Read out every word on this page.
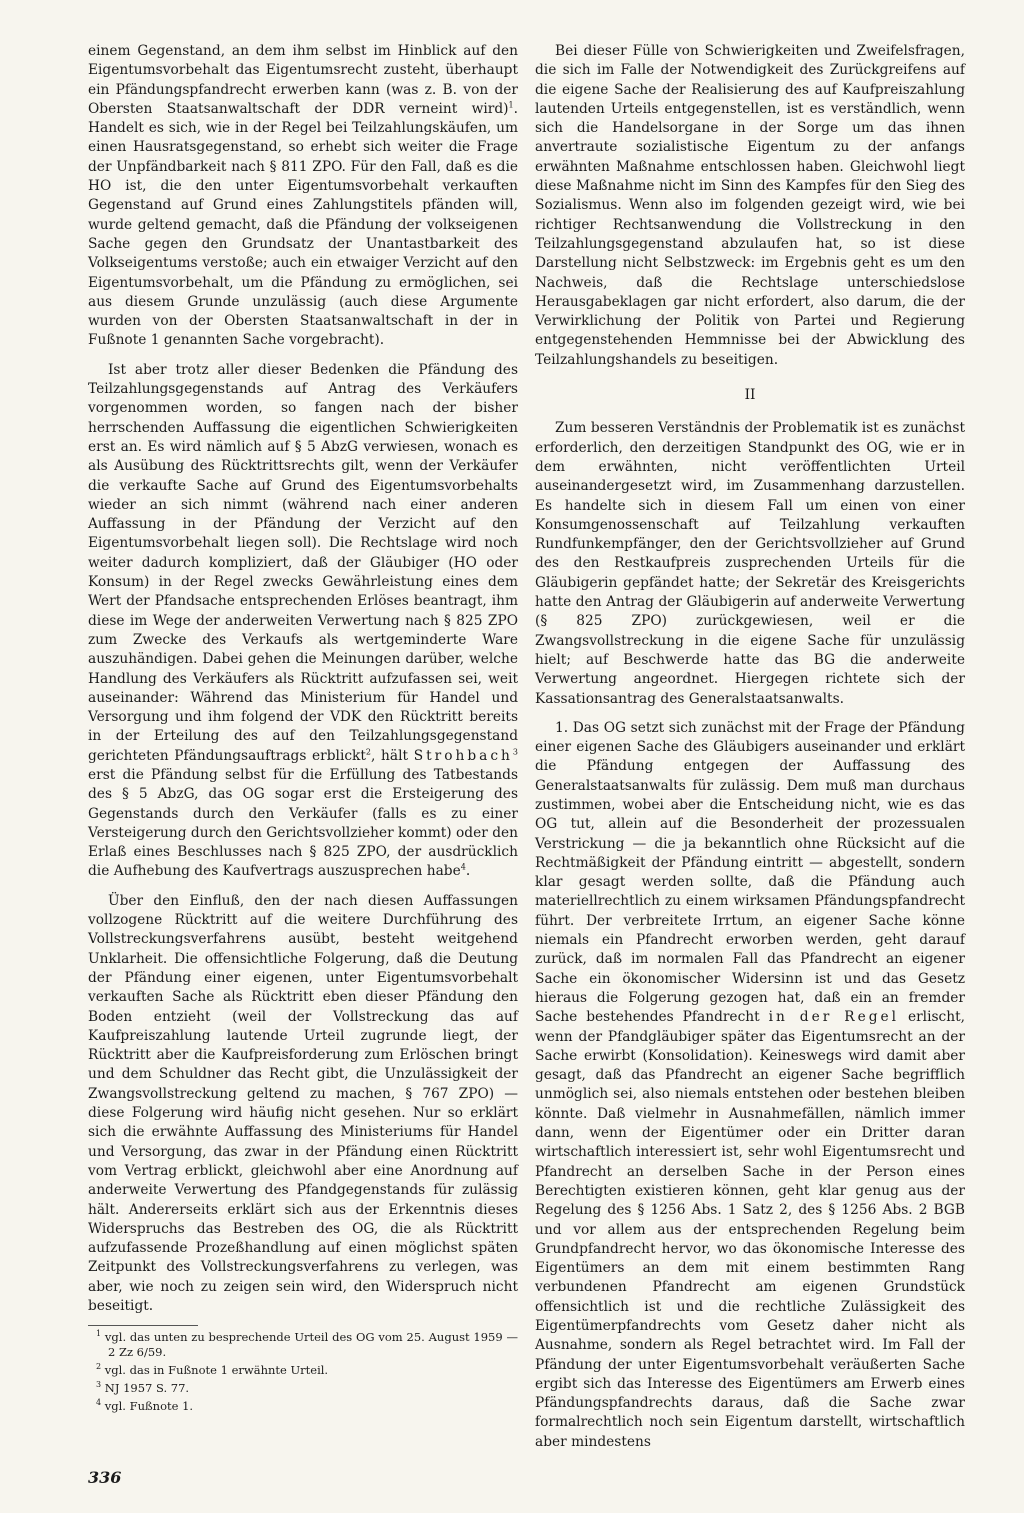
einem Gegenstand, an dem ihm selbst im Hinblick auf den Eigentumsvorbehalt das Eigentumsrecht zusteht, überhaupt ein Pfändungspfandrecht erwerben kann (was z. B. von der Obersten Staatsanwaltschaft der DDR verneint wird)$^1$. Handelt es sich, wie in der Regel bei Teilzahlungskäufen, um einen Hausratsgegenstand, so erhebt sich weiter die Frage der Unpfändbarkeit nach § 811 ZPO. Für den Fall, daß es die HO ist, die den unter Eigentumsvorbehalt verkauften Gegenstand auf Grund eines Zahlungstitels pfänden will, wurde geltend gemacht, daß die Pfändung der volkseigenen Sache gegen den Grundsatz der Unantastbarkeit des Volkseigentums verstoße; auch ein etwaiger Verzicht auf den Eigentumsvorbehalt, um die Pfändung zu ermöglichen, sei aus diesem Grunde unzulässig (auch diese Argumente wurden von der Obersten Staatsanwaltschaft in der in Fußnote 1 genannten Sache vorgebracht).

Ist aber trotz aller dieser Bedenken die Pfändung des Teilzahlungsgegenstands auf Antrag des Verkäufers vorgenommen worden, so fangen nach der bisher herrschenden Auffassung die eigentlichen Schwierigkeiten erst an. Es wird nämlich auf § 5 AbzG verwiesen, wonach es als Ausübung des Rücktrittsrechts gilt, wenn der Verkäufer die verkaufte Sache auf Grund des Eigentumsvorbehalts wieder an sich nimmt (während nach einer anderen Auffassung in der Pfändung der Verzicht auf den Eigentumsvorbehalt liegen soll). Die Rechtslage wird noch weiter dadurch kompliziert, daß der Gläubiger (HO oder Konsum) in der Regel zwecks Gewährleistung eines dem Wert der Pfandsache entsprechenden Erlöses beantragt, ihm diese im Wege der anderweiten Verwertung nach § 825 ZPO zum Zwecke des Verkaufs als wertgeminderte Ware auszuhändigen. Dabei gehen die Meinungen darüber, welche Handlung des Verkäufers als Rücktritt aufzufassen sei, weit auseinander: Während das Ministerium für Handel und Versorgung und ihm folgend der VDK den Rücktritt bereits in der Erteilung des auf den Teilzahlungsgegenstand gerichteten Pfändungsauftrags erblickt$^2$, hält Strohbach$^3$ erst die Pfändung selbst für die Erfüllung des Tatbestands des § 5 AbzG, das OG sogar erst die Ersteigerung des Gegenstands durch den Verkäufer (falls es zu einer Versteigerung durch den Gerichtsvollzieher kommt) oder den Erlaß eines Beschlusses nach § 825 ZPO, der ausdrücklich die Aufhebung des Kaufvertrags auszusprechen habe$^4$.

Über den Einfluß, den der nach diesen Auffassungen vollzogene Rücktritt auf die weitere Durchführung des Vollstreckungsverfahrens ausübt, besteht weitgehend Unklarheit. Die offensichtliche Folgerung, daß die Deutung der Pfändung einer eigenen, unter Eigentumsvorbehalt verkauften Sache als Rücktritt eben dieser Pfändung den Boden entzieht (weil der Vollstreckung das auf Kaufpreiszahlung lautende Urteil zugrunde liegt, der Rücktritt aber die Kaufpreisforderung zum Erlöschen bringt und dem Schuldner das Recht gibt, die Unzulässigkeit der Zwangsvollstreckung geltend zu machen, § 767 ZPO) — diese Folgerung wird häufig nicht gesehen. Nur so erklärt sich die erwähnte Auffassung des Ministeriums für Handel und Versorgung, das zwar in der Pfändung einen Rücktritt vom Vertrag erblickt, gleichwohl aber eine Anordnung auf anderweite Verwertung des Pfandgegenstands für zulässig hält. Andererseits erklärt sich aus der Erkenntnis dieses Widerspruchs das Bestreben des OG, die als Rücktritt aufzufassende Prozeßhandlung auf einen möglichst späten Zeitpunkt des Vollstreckungsverfahrens zu verlegen, was aber, wie noch zu zeigen sein wird, den Widerspruch nicht beseitigt.

Bei dieser Fülle von Schwierigkeiten und Zweifelsfragen, die sich im Falle der Notwendigkeit des Zurückgreifens auf die eigene Sache der Realisierung des auf Kaufpreiszahlung lautenden Urteils entgegenstellen, ist es verständlich, wenn sich die Handelsorgane in der Sorge um das ihnen anvertraute sozialistische Eigentum zu der anfangs erwähnten Maßnahme entschlossen haben. Gleichwohl liegt diese Maßnahme nicht im Sinn des Kampfes für den Sieg des Sozialismus. Wenn also im folgenden gezeigt wird, wie bei richtiger Rechtsanwendung die Vollstreckung in den Teilzahlungsgegenstand abzulaufen hat, so ist diese Darstellung nicht Selbstzweck: im Ergebnis geht es um den Nachweis, daß die Rechtslage unterschiedslose Herausgabeklagen gar nicht erfordert, also darum, die der Verwirklichung der Politik von Partei und Regierung entgegenstehenden Hemmnisse bei der Abwicklung des Teilzahlungshandels zu beseitigen.

II

Zum besseren Verständnis der Problematik ist es zunächst erforderlich, den derzeitigen Standpunkt des OG, wie er in dem erwähnten, nicht veröffentlichten Urteil auseinandergesetzt wird, im Zusammenhang darzustellen. Es handelte sich in diesem Fall um einen von einer Konsumgenossenschaft auf Teilzahlung verkauften Rundfunkempfänger, den der Gerichtsvollzieher auf Grund des den Restkaufpreis zusprechenden Urteils für die Gläubigerin gepfändet hatte; der Sekretär des Kreisgerichts hatte den Antrag der Gläubigerin auf anderweite Verwertung (§ 825 ZPO) zurückgewiesen, weil er die Zwangsvollstreckung in die eigene Sache für unzulässig hielt; auf Beschwerde hatte das BG die anderweite Verwertung angeordnet. Hiergegen richtete sich der Kassationsantrag des Generalstaatsanwalts.

1. Das OG setzt sich zunächst mit der Frage der Pfändung einer eigenen Sache des Gläubigers auseinander und erklärt die Pfändung entgegen der Auffassung des Generalstaatsanwalts für zulässig. Dem muß man durchaus zustimmen, wobei aber die Entscheidung nicht, wie es das OG tut, allein auf die Besonderheit der prozessualen Verstrickung — die ja bekanntlich ohne Rücksicht auf die Rechtmäßigkeit der Pfändung eintritt — abgestellt, sondern klar gesagt werden sollte, daß die Pfändung auch materiellrechtlich zu einem wirksamen Pfändungspfandrecht führt. Der verbreitete Irrtum, an eigener Sache könne niemals ein Pfandrecht erworben werden, geht darauf zurück, daß im normalen Fall das Pfandrecht an eigener Sache ein ökonomischer Widersinn ist und das Gesetz hieraus die Folgerung gezogen hat, daß ein an fremder Sache bestehendes Pfandrecht in der Regel erlischt, wenn der Pfandgläubiger später das Eigentumsrecht an der Sache erwirbt (Konsolidation). Keineswegs wird damit aber gesagt, daß das Pfandrecht an eigener Sache begrifflich unmöglich sei, also niemals entstehen oder bestehen bleiben könnte. Daß vielmehr in Ausnahmefällen, nämlich immer dann, wenn der Eigentümer oder ein Dritter daran wirtschaftlich interessiert ist, sehr wohl Eigentumsrecht und Pfandrecht an derselben Sache in der Person eines Berechtigten existieren können, geht klar genug aus der Regelung des § 1256 Abs. 1 Satz 2, des § 1256 Abs. 2 BGB und vor allem aus der entsprechenden Regelung beim Grundpfandrecht hervor, wo das ökonomische Interesse des Eigentümers an dem mit einem bestimmten Rang verbundenen Pfandrecht am eigenen Grundstück offensichtlich ist und die rechtliche Zulässigkeit des Eigentümerpfandrechts vom Gesetz daher nicht als Ausnahme, sondern als Regel betrachtet wird. Im Fall der Pfändung der unter Eigentumsvorbehalt veräußerten Sache ergibt sich das Interesse des Eigentümers am Erwerb eines Pfändungspfandrechts daraus, daß die Sache zwar formalrechtlich noch sein Eigentum darstellt, wirtschaftlich aber mindestens

$^1$ vgl. das unten zu besprechende Urteil des OG vom 25. August 1959 — 2 Zz 6/59.

$^2$ vgl. das in Fußnote 1 erwähnte Urteil.

$^3$ NJ 1957 S. 77.

$^4$ vgl. Fußnote 1.

336
